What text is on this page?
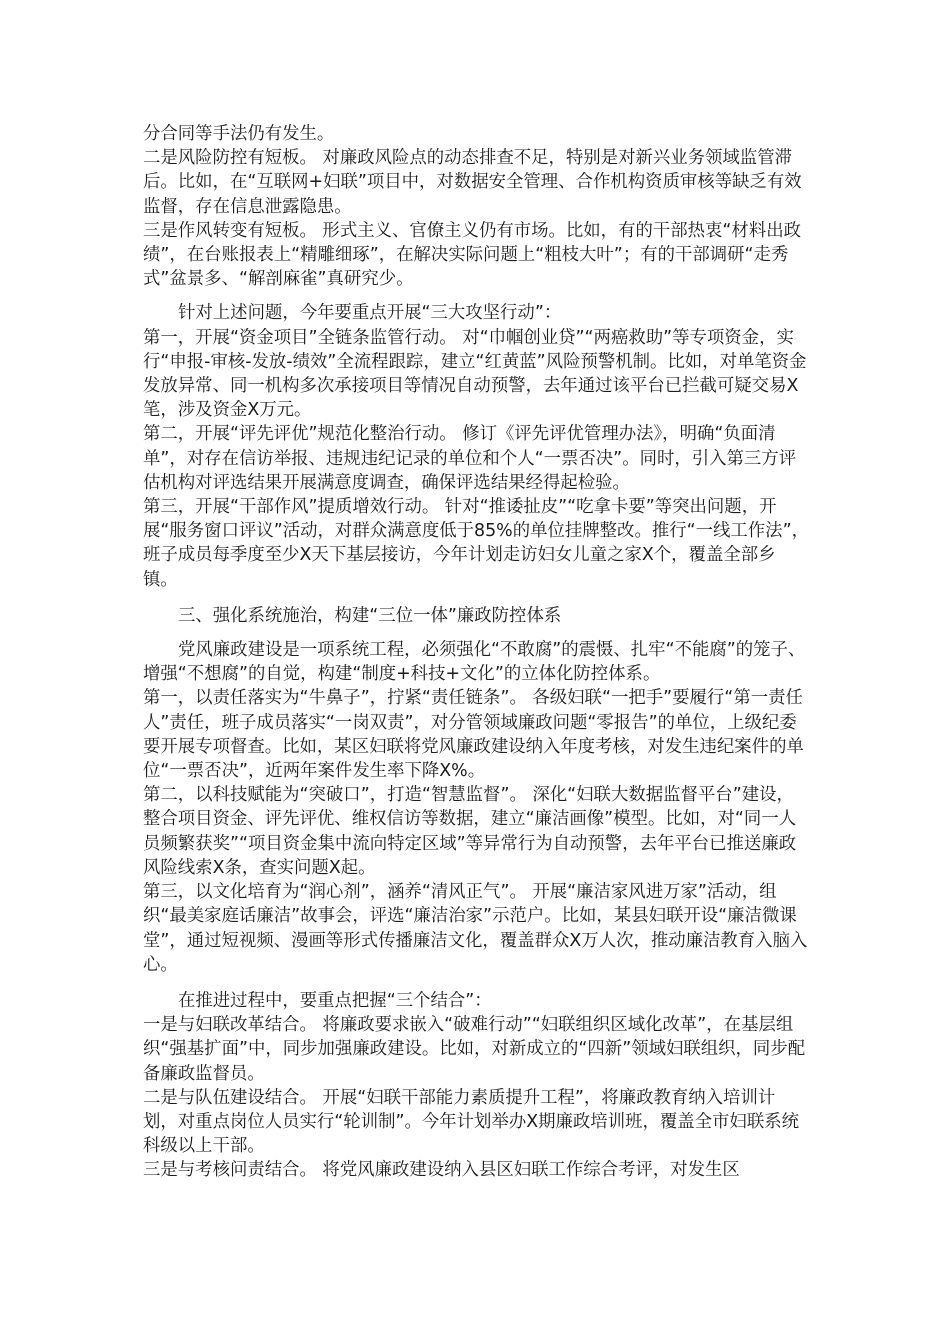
分合同等手法仍有发生。

二是风险防控有短板。 对廉政风险点的动态排查不足，特别是对新兴业务领域监管滞后。比如，在“互联网+妇联”项目中，对数据安全管理、合作机构资质审核等缺乏有效监督，存在信息泄露隐患。

三是作风转变有短板。 形式主义、官僚主义仍有市场。比如，有的干部热衷“材料出政绩”，在台账报表上“精雕细琢”，在解决实际问题上“粗枝大叶”；有的干部调研“走秀式”盆景多、“解剖麻雀”真研究少。

针对上述问题，今年要重点开展“三大攻坚行动”：

第一，开展“资金项目”全链条监管行动。 对“巾帼创业贷”“两癌救助”等专项资金，实行“申报-审核-发放-绩效”全流程跟踪，建立“红黄蓝”风险预警机制。比如，对单笔资金发放异常、同一机构多次承接项目等情况自动预警，去年通过该平台已拦截可疑交易X笔，涉及资金X万元。

第二，开展“评先评优”规范化整治行动。 修订《评先评优管理办法》，明确“负面清单”，对存在信访举报、违规违纪记录的单位和个人“一票否决”。同时，引入第三方评估机构对评选结果开展满意度调查，确保评选结果经得起检验。

第三，开展“干部作风”提质增效行动。 针对“推诿扯皮”“吃拿卡要”等突出问题，开展“服务窗口评议”活动，对群众满意度低于85%的单位挂牌整改。推行“一线工作法”，班子成员每季度至少X天下基层接访，今年计划走访妇女儿童之家X个，覆盖全部乡镇。

三、强化系统施治，构建“三位一体”廉政防控体系

党风廉政建设是一项系统工程，必须强化“不敢腐”的震慑、扎牢“不能腐”的笼子、增强“不想腐”的自觉，构建“制度+科技+文化”的立体化防控体系。

第一，以责任落实为“牛鼻子”，拧紧“责任链条”。 各级妇联“一把手”要履行“第一责任人”责任，班子成员落实“一岗双责”，对分管领域廉政问题“零报告”的单位，上级纪委要开展专项督查。比如，某区妇联将党风廉政建设纳入年度考核，对发生违纪案件的单位“一票否决”，近两年案件发生率下降X%。

第二，以科技赋能为“突破口”，打造“智慧监督”。 深化“妇联大数据监督平台”建设，整合项目资金、评先评优、维权信访等数据，建立“廉洁画像”模型。比如，对“同一人员频繁获奖”“项目资金集中流向特定区域”等异常行为自动预警，去年平台已推送廉政风险线索X条，查实问题X起。

第三，以文化培育为“润心剂”，涵养“清风正气”。 开展“廉洁家风进万家”活动，组织“最美家庭话廉洁”故事会，评选“廉洁治家”示范户。比如，某县妇联开设“廉洁微课堂”，通过短视频、漫画等形式传播廉洁文化，覆盖群众X万人次，推动廉洁教育入脑入心。

在推进过程中，要重点把握“三个结合”：

一是与妇联改革结合。 将廉政要求嵌入“破难行动”“妇联组织区域化改革”，在基层组织“强基扩面”中，同步加强廉政建设。比如，对新成立的“四新”领域妇联组织，同步配备廉政监督员。

二是与队伍建设结合。 开展“妇联干部能力素质提升工程”，将廉政教育纳入培训计划，对重点岗位人员实行“轮训制”。今年计划举办X期廉政培训班，覆盖全市妇联系统科级以上干部。

三是与考核问责结合。 将党风廉政建设纳入县区妇联工作综合考评，对发生区
